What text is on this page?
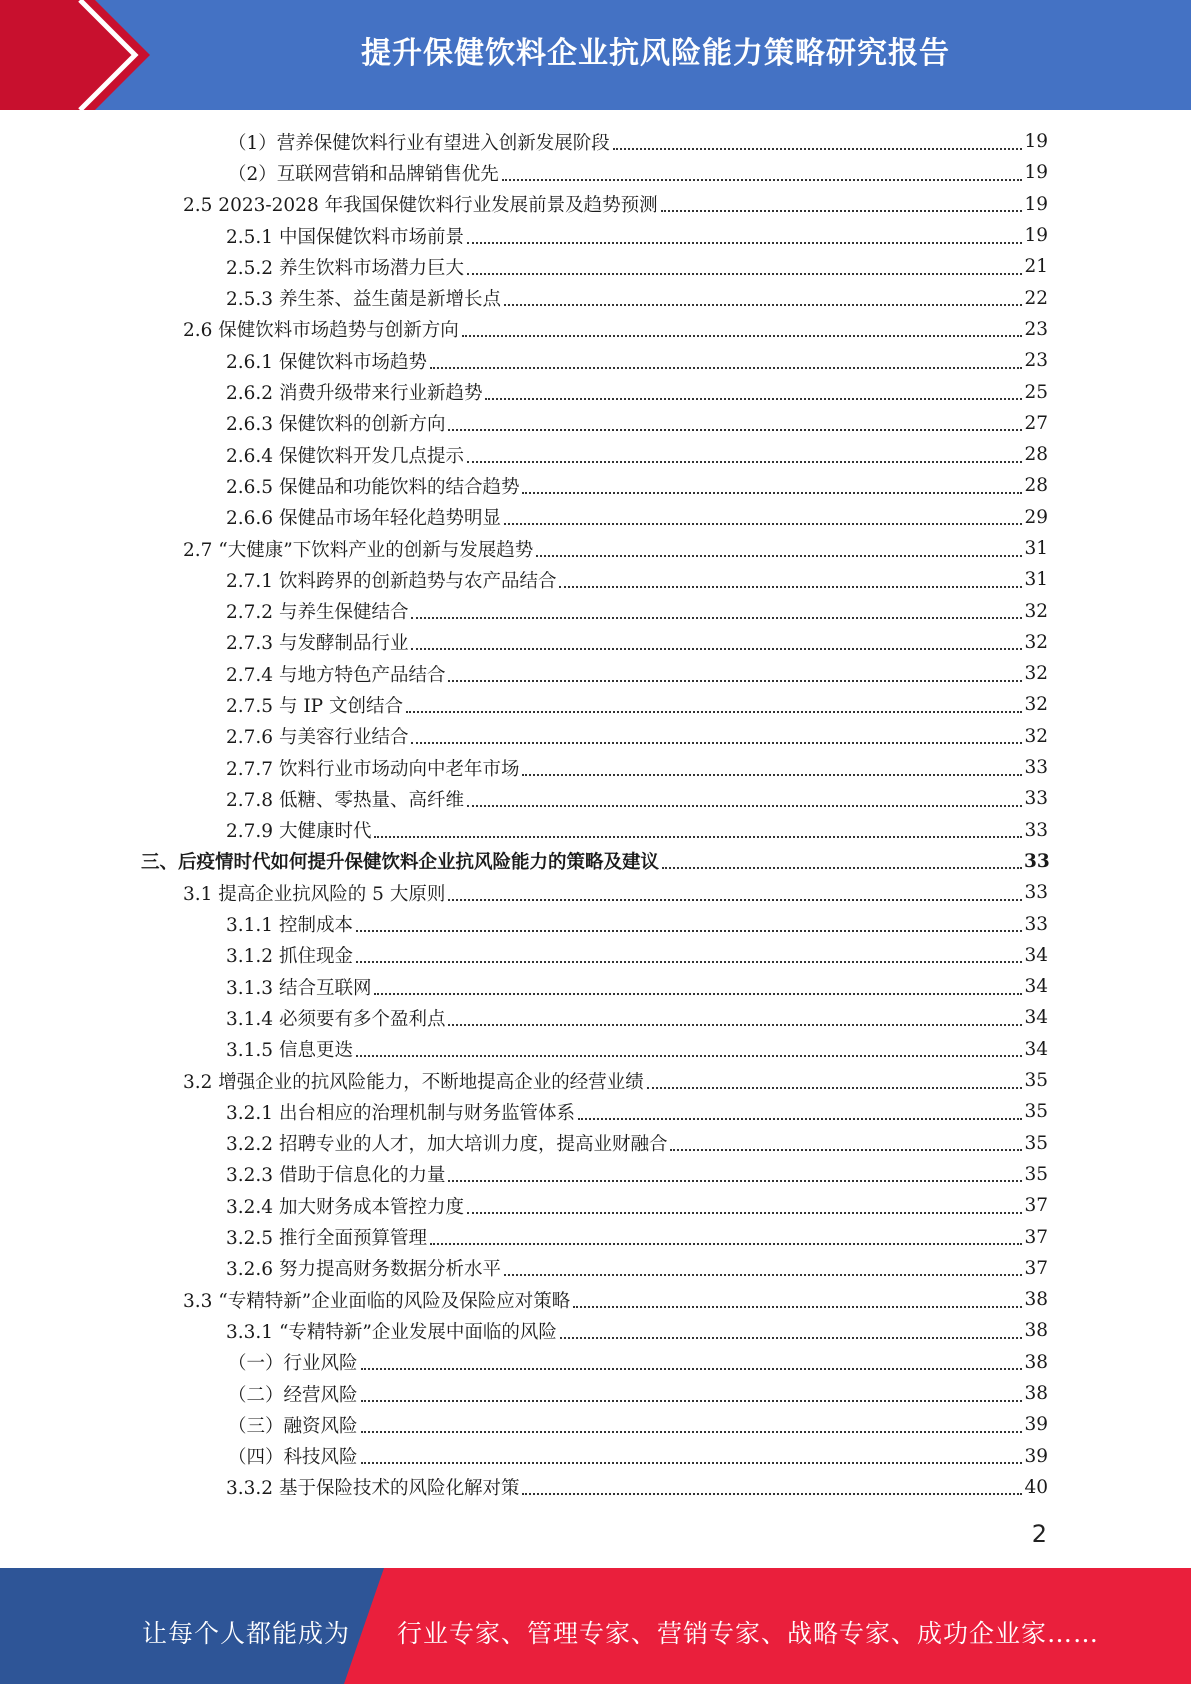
提升保健饮料企业抗风险能力策略研究报告
（1）营养保健饮料行业有望进入创新发展阶段	19
（2）互联网营销和品牌销售优先	19
2.5 2023-2028 年我国保健饮料行业发展前景及趋势预测	19
2.5.1 中国保健饮料市场前景	19
2.5.2 养生饮料市场潜力巨大	21
2.5.3 养生茶、益生菌是新增长点	22
2.6 保健饮料市场趋势与创新方向	23
2.6.1 保健饮料市场趋势	23
2.6.2 消费升级带来行业新趋势	25
2.6.3 保健饮料的创新方向	27
2.6.4 保健饮料开发几点提示	28
2.6.5 保健品和功能饮料的结合趋势	28
2.6.6 保健品市场年轻化趋势明显	29
2.7 “大健康”下饮料产业的创新与发展趋势	31
2.7.1 饮料跨界的创新趋势与农产品结合	31
2.7.2 与养生保健结合	32
2.7.3 与发酵制品行业	32
2.7.4 与地方特色产品结合	32
2.7.5 与 IP 文创结合	32
2.7.6 与美容行业结合	32
2.7.7 饮料行业市场动向中老年市场	33
2.7.8 低糖、零热量、高纤维	33
2.7.9 大健康时代	33
三、后疫情时代如何提升保健饮料企业抗风险能力的策略及建议	33
3.1 提高企业抗风险的 5 大原则	33
3.1.1 控制成本	33
3.1.2 抓住现金	34
3.1.3 结合互联网	34
3.1.4 必须要有多个盈利点	34
3.1.5 信息更迭	34
3.2 增强企业的抗风险能力，不断地提高企业的经营业绩	35
3.2.1 出台相应的治理机制与财务监管体系	35
3.2.2 招聘专业的人才，加大培训力度，提高业财融合	35
3.2.3 借助于信息化的力量	35
3.2.4 加大财务成本管控力度	37
3.2.5 推行全面预算管理	37
3.2.6 努力提高财务数据分析水平	37
3.3 “专精特新”企业面临的风险及保险应对策略	38
3.3.1 “专精特新”企业发展中面临的风险	38
（一）行业风险	38
（二）经营风险	38
（三）融资风险	39
（四）科技风险	39
3.3.2 基于保险技术的风险化解对策	40
2
让每个人都能成为 行业专家、管理专家、营销专家、战略专家、成功企业家……
